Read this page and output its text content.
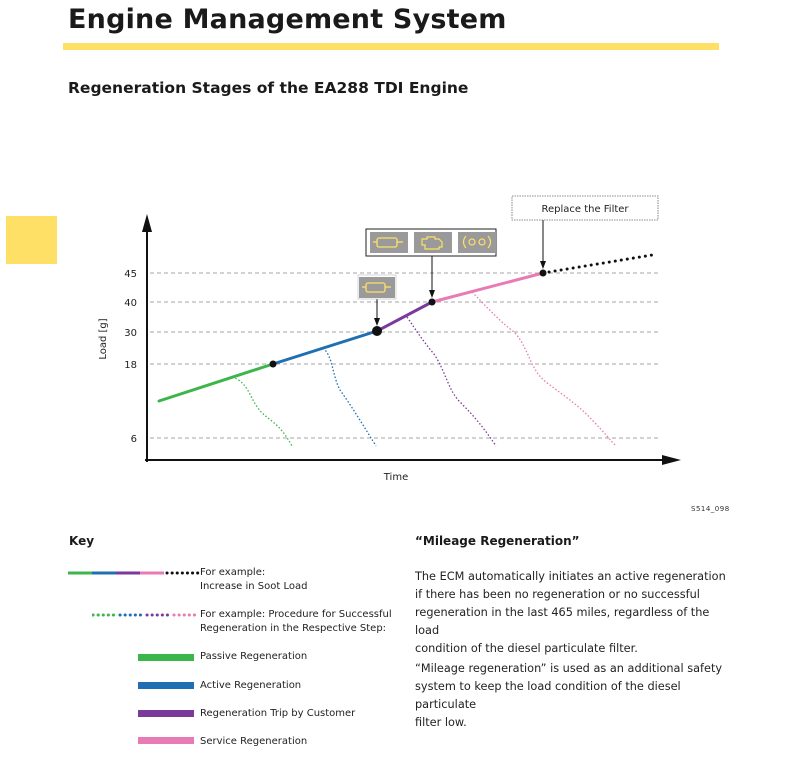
Engine Management System
Regeneration Stages of the EA288 TDI Engine
45
40
30
18
6
Load [g]
Time
Replace the Filter
S514_098
Key
For example:
Increase in Soot Load
For example: Procedure for Successful
Regeneration in the Respective Step:
Passive Regeneration
Active Regeneration
Regeneration Trip by Customer
Service Regeneration
“Mileage Regeneration”
The ECM automatically initiates an active regeneration
if there has been no regeneration or no successful
regeneration in the last 465 miles, regardless of the load
condition of the diesel particulate filter.
“Mileage regeneration” is used as an additional safety
system to keep the load condition of the diesel particulate
filter low.
